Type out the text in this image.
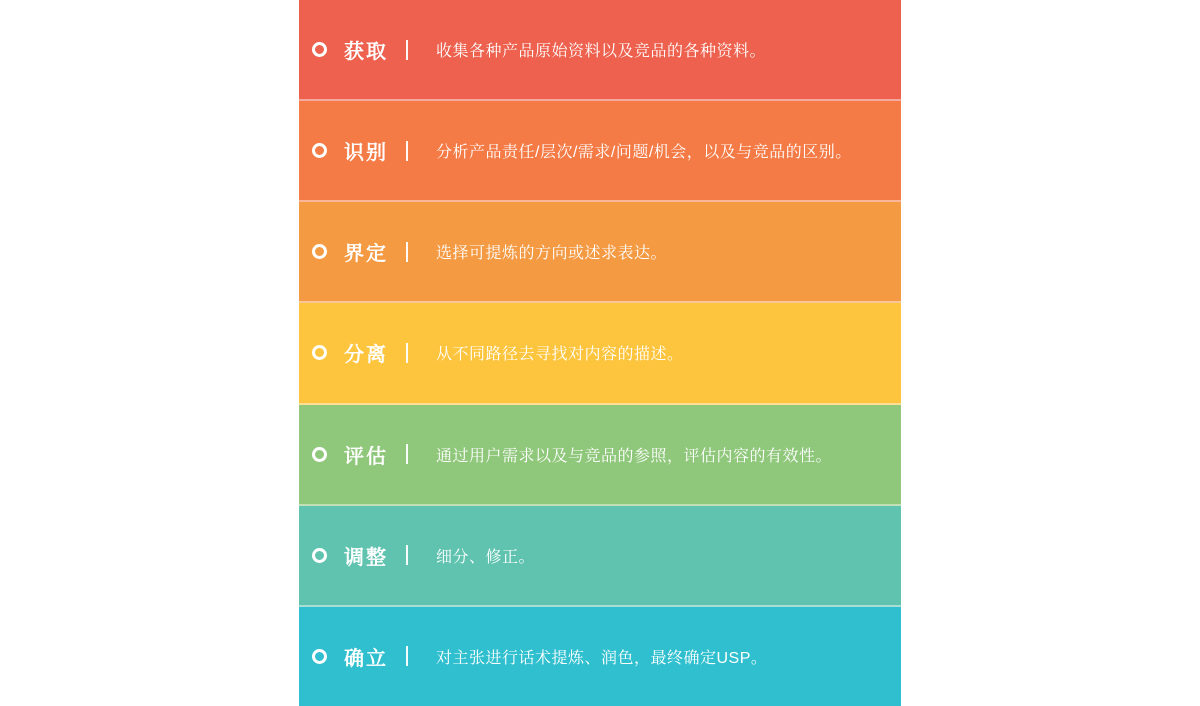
获取	收集各种产品原始资料以及竞品的各种资料。
识别	分析产品责任/层次/需求/问题/机会，以及与竞品的区别。
界定	选择可提炼的方向或述求表达。
分离	从不同路径去寻找对内容的描述。
评估	通过用户需求以及与竞品的参照，评估内容的有效性。
调整	细分、修正。
确立	对主张进行话术提炼、润色，最终确定USP。
